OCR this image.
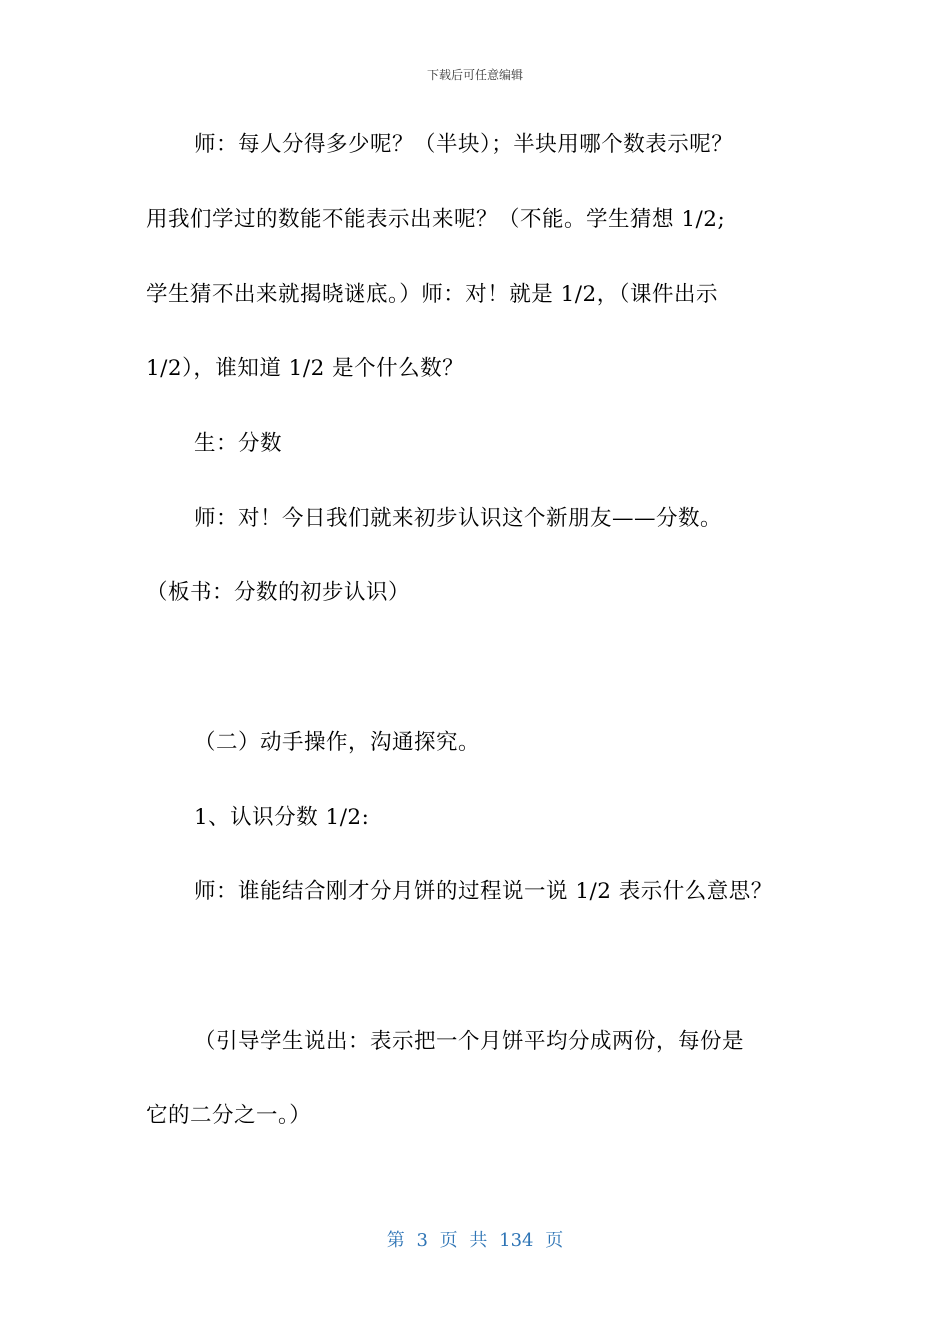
下载后可任意编辑
师：每人分得多少呢？（半块）；半块用哪个数表示呢？
用我们学过的数能不能表示出来呢？（不能。学生猜想 1/2;
学生猜不出来就揭晓谜底。）师：对！就是 1/2，（课件出示
1/2），谁知道 1/2 是个什么数？
生：分数
师：对！今日我们就来初步认识这个新朋友——分数。
（板书：分数的初步认识）
（二）动手操作，沟通探究。
1、认识分数 1/2:
师：谁能结合刚才分月饼的过程说一说 1/2 表示什么意思？
（引导学生说出：表示把一个月饼平均分成两份，每份是
它的二分之一。）
第 3 页 共 134 页
